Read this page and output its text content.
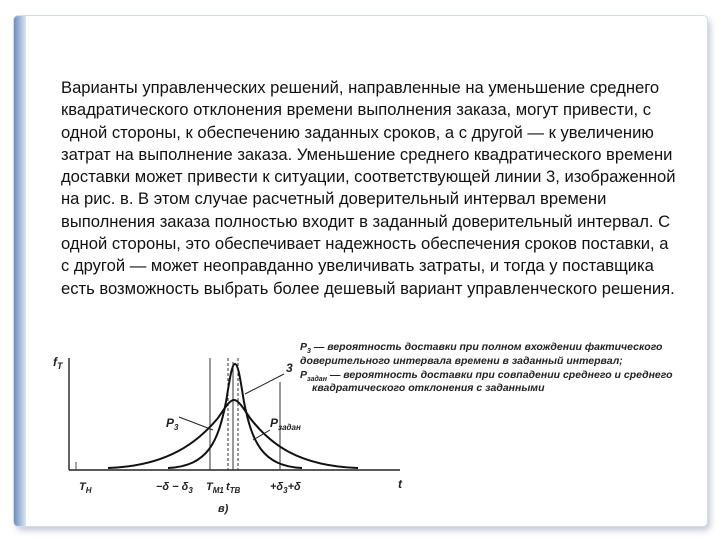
Варианты управленческих решений, направленные на уменьшение среднего квадратического отклонения времени выполнения заказа, могут привести, с одной стороны, к обеспечению заданных сроков, а с другой — к увеличению затрат на выполнение заказа. Уменьшение среднего квадратического времени доставки может привести к ситуации, соответствующей линии 3, изображенной на рис. в. В этом случае расчетный доверительный интервал времени выполнения заказа полностью входит в заданный доверительный интервал. С одной стороны, это обеспечивает надежность обеспечения сроков поставки, а с другой — может неоправданно увеличивать затраты, и тогда у поставщика есть возможность выбрать более дешевый вариант управленческого решения.

$f_T$
t
3
$P_3$	$P_{задан}$
$T_H$	$-\delta - \delta_3$ $T_{M1}$ $t_{TB}$	$+\delta_3+\delta$
в)
$P_3$ — вероятность доставки при полном вхождении фактического
доверительного интервала времени в заданный интервал;
$P_{задан}$ — вероятность доставки при совпадении среднего и среднего
квадратического отклонения с заданными
